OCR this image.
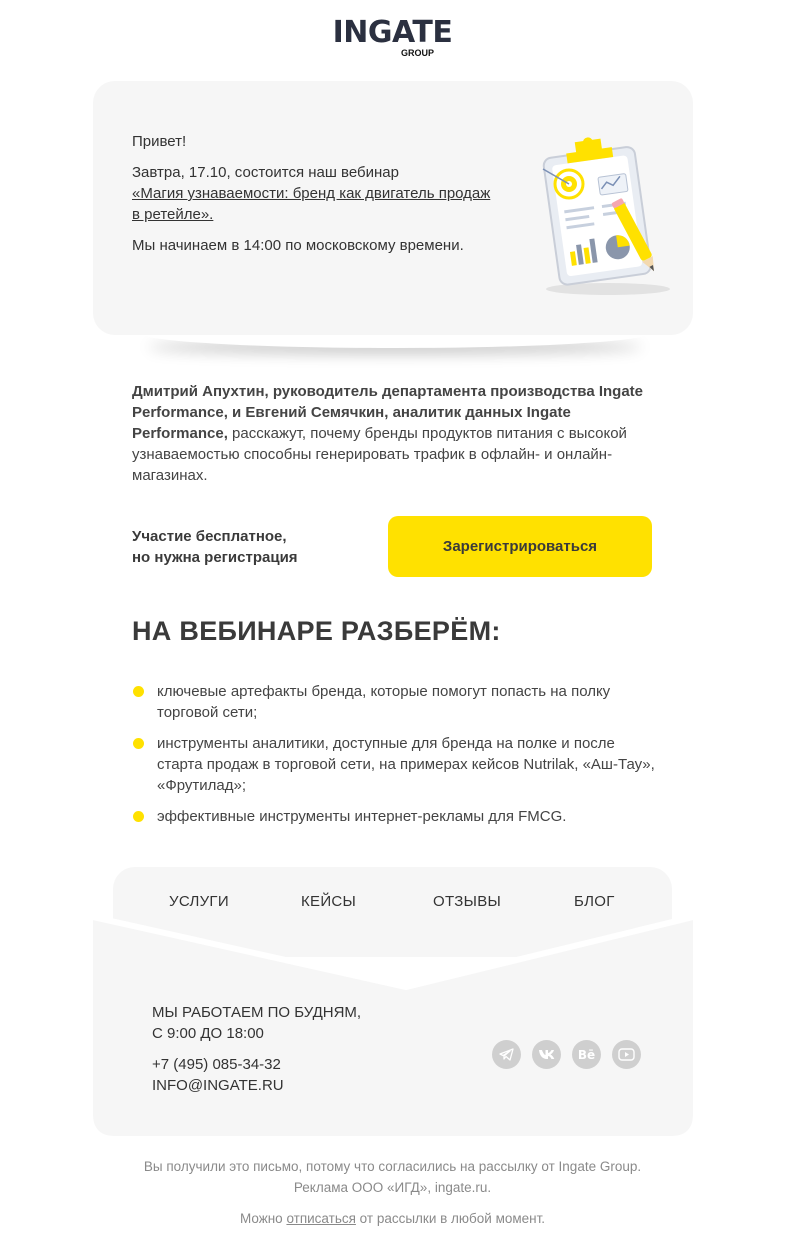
INGATE
GROUP

Привет!

Завтра, 17.10, состоится наш вебинар
«Магия узнаваемости: бренд как двигатель продаж в ретейле».

Мы начинаем в 14:00 по московскому времени.

Дмитрий Апухтин, руководитель департамента производства Ingate Performance, и Евгений Семячкин, аналитик данных Ingate Performance, расскажут, почему бренды продуктов питания с высокой узнаваемостью способны генерировать трафик в офлайн- и онлайн-магазинах.
Участие бесплатное,
но нужна регистрация
Зарегистрироваться
НА ВЕБИНАРЕ РАЗБЕРЁМ:
ключевые артефакты бренда, которые помогут попасть на полку торговой сети;
инструменты аналитики, доступные для бренда на полке и после старта продаж в торговой сети, на примерах кейсов Nutrilak, «Аш-Тау», «Фрутилад»;
эффективные инструменты интернет-рекламы для FMCG.
УСЛУГИ	КЕЙСЫ	ОТЗЫВЫ	БЛОГ
МЫ РАБОТАЕМ ПО БУДНЯМ,
С 9:00 ДО 18:00
+7 (495) 085-34-32
INFO@INGATE.RU
Bē
Вы получили это письмо, потому что согласились на рассылку от Ingate Group.
Реклама ООО «ИГД», ingate.ru.
Можно отписаться от рассылки в любой момент.
